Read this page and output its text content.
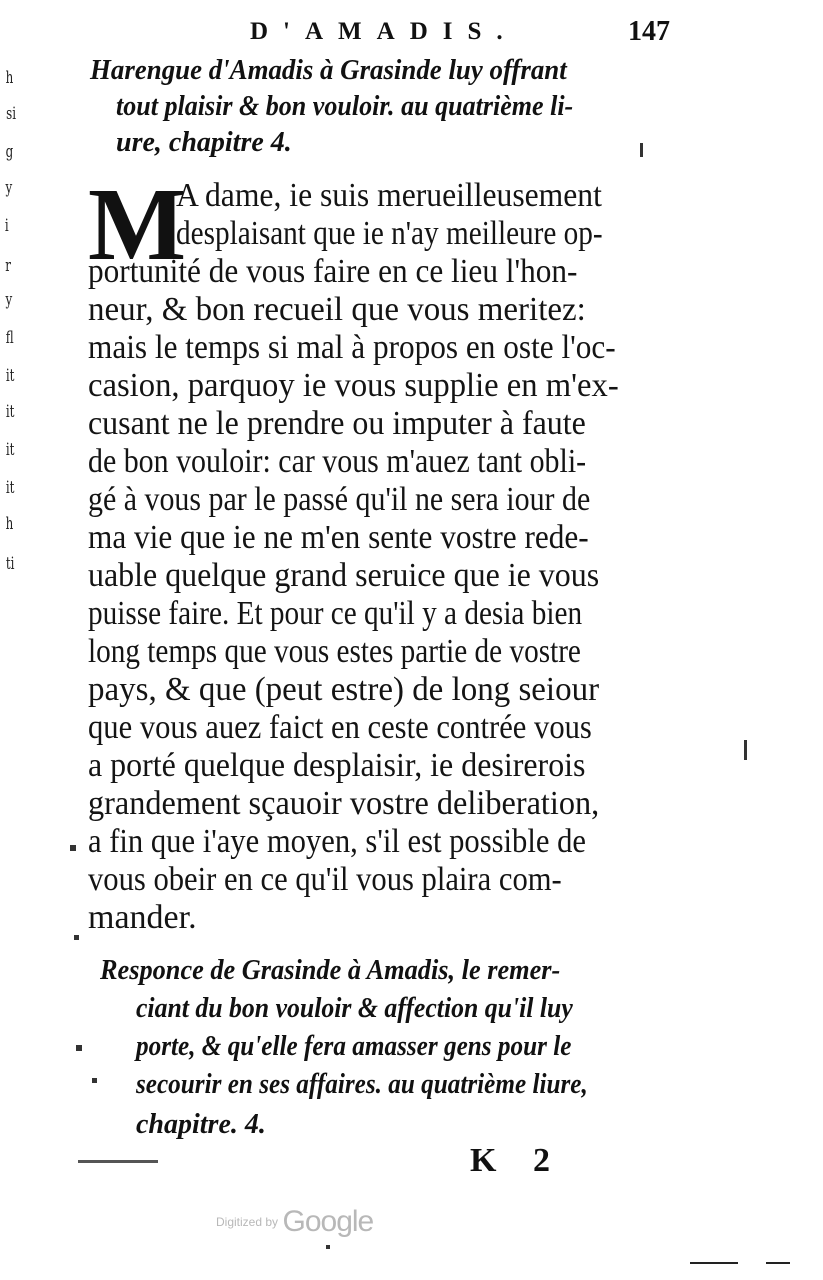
h
si
g
y
i
r
y
fl
it
it
it
it
h
ti
D'AMADIS.	147
Harengue d'Amadis à Grasinde luy offrant
tout plaisir & bon vouloir. au quatrième li-
ure, chapitre 4.
M
A dame, ie suis merueilleusement
desplaisant que ie n'ay meilleure op-
portunité de vous faire en ce lieu l'hon-
neur, & bon recueil que vous meritez:
mais le temps si mal à propos en oste l'oc-
casion, parquoy ie vous supplie en m'ex-
cusant ne le prendre ou imputer à faute
de bon vouloir: car vous m'auez tant obli-
gé à vous par le passé qu'il ne sera iour de
ma vie que ie ne m'en sente vostre rede-
uable quelque grand seruice que ie vous
puisse faire. Et pour ce qu'il y a desia bien
long temps que vous estes partie de vostre
pays, & que (peut estre) de long seiour
que vous auez faict en ceste contrée vous
a porté quelque desplaisir, ie desirerois
grandement sçauoir vostre deliberation,
a fin que i'aye moyen, s'il est possible de
vous obeir en ce qu'il vous plaira com-
mander.
Responce de Grasinde à Amadis, le remer-
ciant du bon vouloir & affection qu'il luy
porte, & qu'elle fera amasser gens pour le
secourir en ses affaires. au quatrième liure,
chapitre. 4.
K 2
Digitized by Google
